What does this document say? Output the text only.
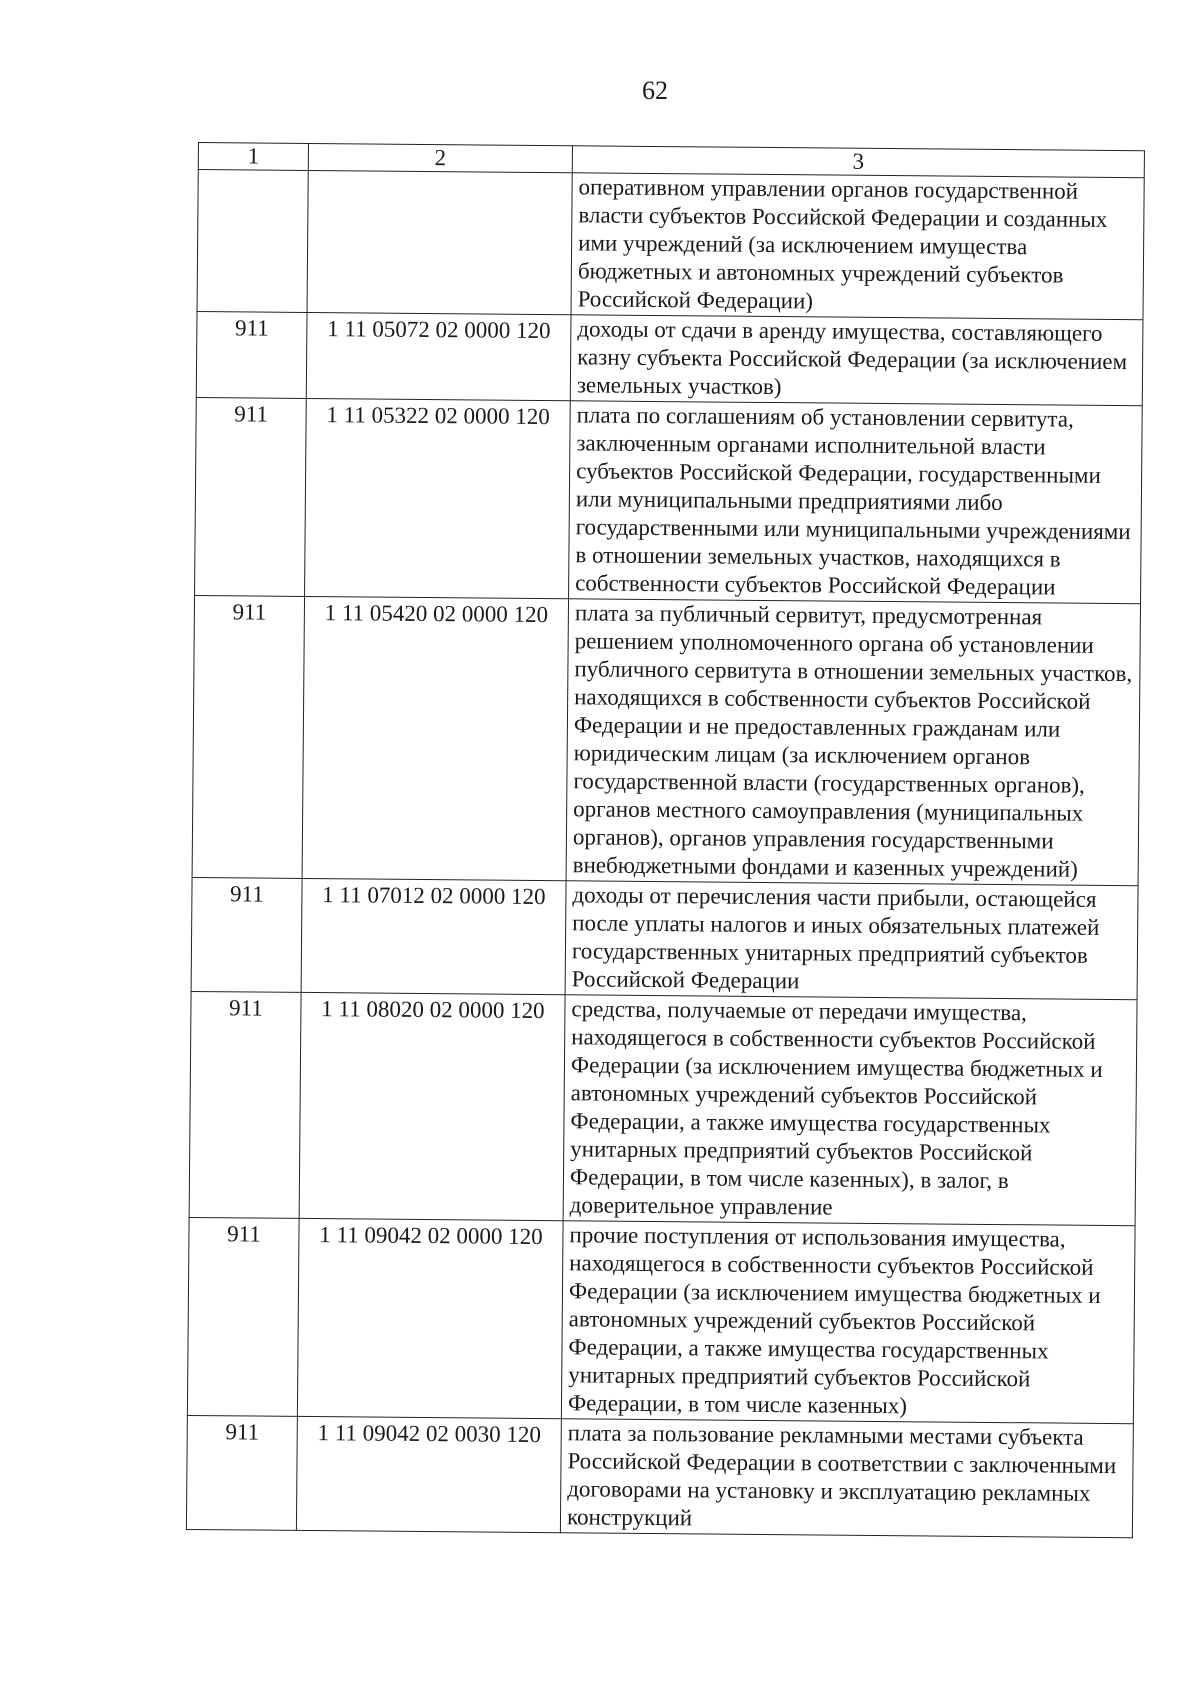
62
1	2	3
		оперативном управлении органов государственной власти субъектов Российской Федерации и созданных ими учреждений (за исключением имущества бюджетных и автономных учреждений субъектов Российской Федерации)
911	1 11 05072 02 0000 120	доходы от сдачи в аренду имущества, составляющего казну субъекта Российской Федерации (за исключением земельных участков)
911	1 11 05322 02 0000 120	плата по соглашениям об установлении сервитута, заключенным органами исполнительной власти субъектов Российской Федерации, государственными или муниципальными предприятиями либо государственными или муниципальными учреждениями в отношении земельных участков, находящихся в собственности субъектов Российской Федерации
911	1 11 05420 02 0000 120	плата за публичный сервитут, предусмотренная решением уполномоченного органа об установлении публичного сервитута в отношении земельных участков, находящихся в собственности субъектов Российской Федерации и не предоставленных гражданам или юридическим лицам (за исключением органов государственной власти (государственных органов), органов местного самоуправления (муниципальных органов), органов управления государственными внебюджетными фондами и казенных учреждений)
911	1 11 07012 02 0000 120	доходы от перечисления части прибыли, остающейся после уплаты налогов и иных обязательных платежей государственных унитарных предприятий субъектов Российской Федерации
911	1 11 08020 02 0000 120	средства, получаемые от передачи имущества, находящегося в собственности субъектов Российской Федерации (за исключением имущества бюджетных и автономных учреждений субъектов Российской Федерации, а также имущества государственных унитарных предприятий субъектов Российской Федерации, в том числе казенных), в залог, в доверительное управление
911	1 11 09042 02 0000 120	прочие поступления от использования имущества, находящегося в собственности субъектов Российской Федерации (за исключением имущества бюджетных и автономных учреждений субъектов Российской Федерации, а также имущества государственных унитарных предприятий субъектов Российской Федерации, в том числе казенных)
911	1 11 09042 02 0030 120	плата за пользование рекламными местами субъекта Российской Федерации в соответствии с заключенными договорами на установку и эксплуатацию рекламных конструкций
